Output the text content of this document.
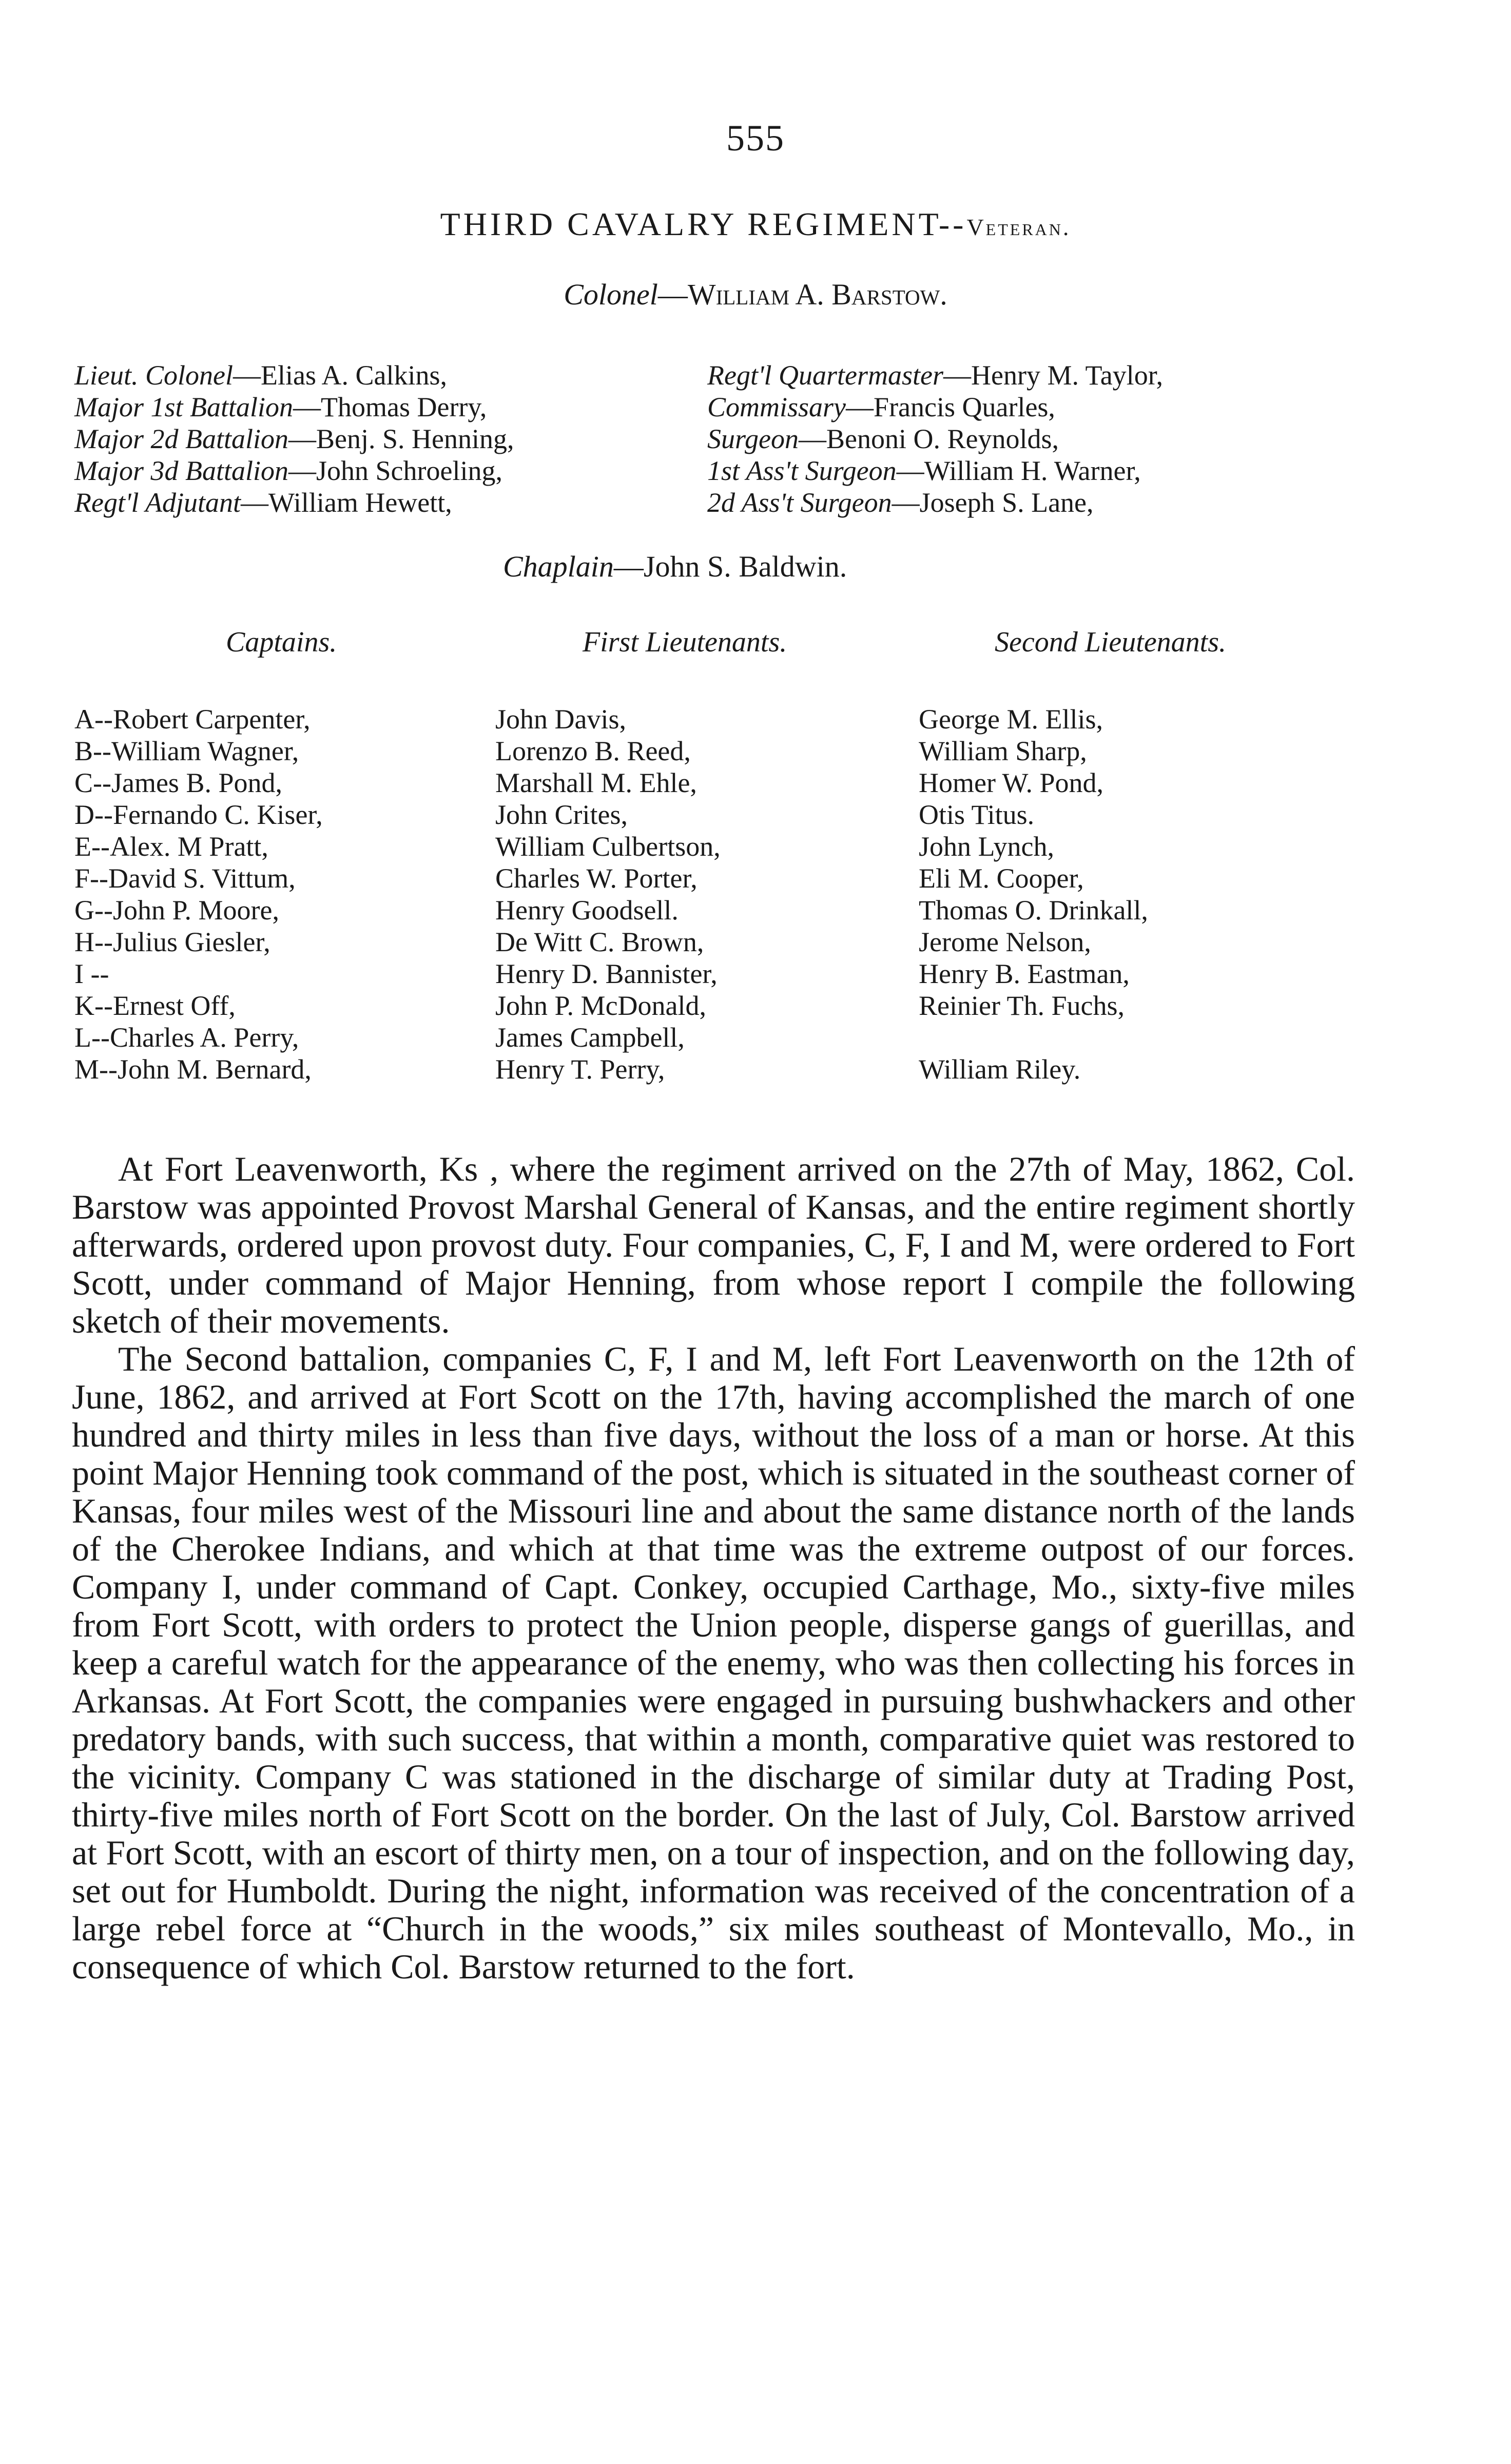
555
THIRD CAVALRY REGIMENT--Veteran.
Colonel—William A. Barstow.
Lieut. Colonel—Elias A. Calkins,
Major 1st Battalion—Thomas Derry,
Major 2d Battalion—Benj. S. Henning,
Major 3d Battalion—John Schroeling,
Regt'l Adjutant—William Hewett,
Regt'l Quartermaster—Henry M. Taylor,
Commissary—Francis Quarles,
Surgeon—Benoni O. Reynolds,
1st Ass't Surgeon—William H. Warner,
2d Ass't Surgeon—Joseph S. Lane,
Chaplain—John S. Baldwin.
Captains.	First Lieutenants.	Second Lieutenants.
A--Robert Carpenter,
B--William Wagner,
C--James B. Pond,
D--Fernando C. Kiser,
E--Alex. M Pratt,
F--David S. Vittum,
G--John P. Moore,
H--Julius Giesler,
I --
K--Ernest Off,
L--Charles A. Perry,
M--John M. Bernard,
John Davis,
Lorenzo B. Reed,
Marshall M. Ehle,
John Crites,
William Culbertson,
Charles W. Porter,
Henry Goodsell.
De Witt C. Brown,
Henry D. Bannister,
John P. McDonald,
James Campbell,
Henry T. Perry,
George M. Ellis,
William Sharp,
Homer W. Pond,
Otis Titus.
John Lynch,
Eli M. Cooper,
Thomas O. Drinkall,
Jerome Nelson,
Henry B. Eastman,
Reinier Th. Fuchs,
William Riley.

At Fort Leavenworth, Ks , where the regiment arrived on the 27th of May, 1862, Col. Barstow was appointed Provost Marshal General of Kansas, and the entire regiment shortly afterwards, ordered upon provost duty. Four companies, C, F, I and M, were ordered to Fort Scott, under command of Major Henning, from whose report I compile the following sketch of their movements.

The Second battalion, companies C, F, I and M, left Fort Leavenworth on the 12th of June, 1862, and arrived at Fort Scott on the 17th, having accomplished the march of one hundred and thirty miles in less than five days, without the loss of a man or horse. At this point Major Henning took command of the post, which is situated in the southeast corner of Kansas, four miles west of the Missouri line and about the same distance north of the lands of the Cherokee Indians, and which at that time was the extreme outpost of our forces. Company I, under command of Capt. Conkey, occupied Carthage, Mo., sixty-five miles from Fort Scott, with orders to protect the Union people, disperse gangs of guerillas, and keep a careful watch for the appearance of the enemy, who was then collecting his forces in Arkansas. At Fort Scott, the companies were engaged in pursuing bushwhackers and other predatory bands, with such success, that within a month, comparative quiet was restored to the vicinity. Company C was stationed in the discharge of similar duty at Trading Post, thirty-five miles north of Fort Scott on the border. On the last of July, Col. Barstow arrived at Fort Scott, with an escort of thirty men, on a tour of inspection, and on the following day, set out for Humboldt. During the night, information was received of the concentration of a large rebel force at “Church in the woods,” six miles southeast of Montevallo, Mo., in consequence of which Col. Barstow returned to the fort.
